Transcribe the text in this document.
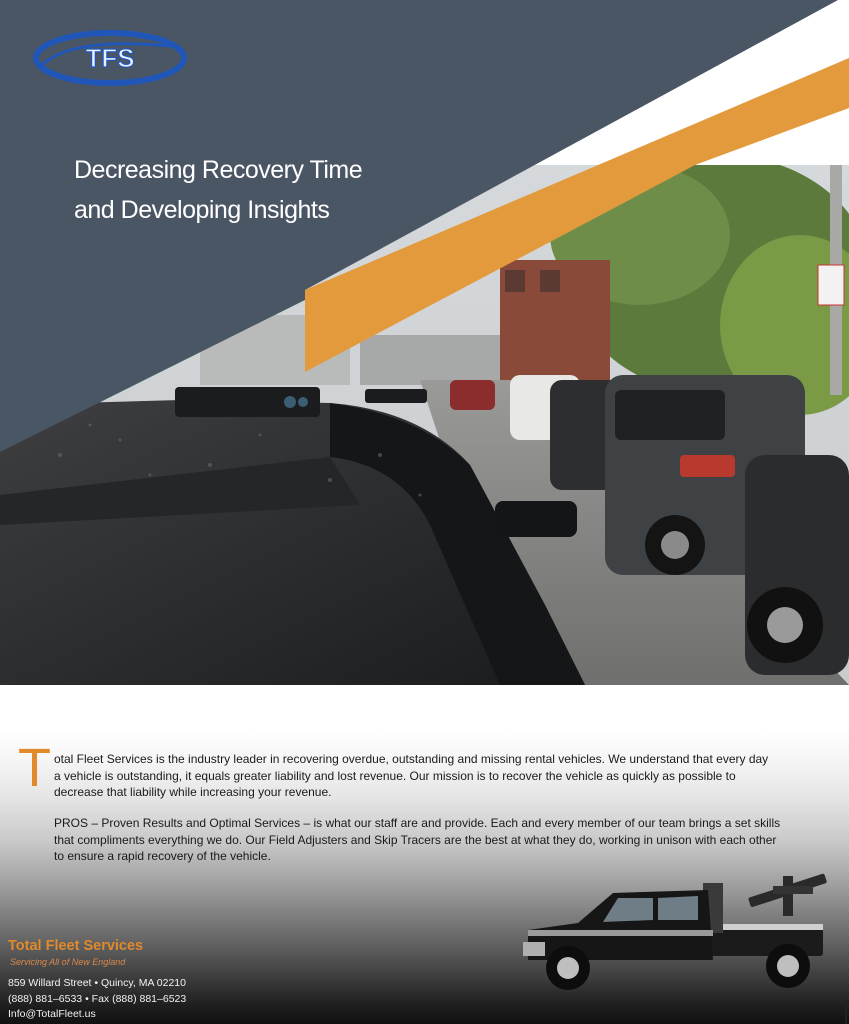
TFS
Decreasing Recovery Time
and Developing Insights
T otal Fleet Services is the industry leader in recovering overdue, outstanding and missing rental vehicles. We understand that every day
a vehicle is outstanding, it equals greater liability and lost revenue. Our mission is to recover the vehicle as quickly as possible to
decrease that liability while increasing your revenue.
PROS – Proven Results and Optimal Services – is what our staff are and provide. Each and every member of our team brings a set skills
that compliments everything we do. Our Field Adjusters and Skip Tracers are the best at what they do, working in unison with each other
to ensure a rapid recovery of the vehicle.
Total Fleet Services
Servicing All of New England
859 Willard Street • Quincy, MA 02210
(888) 881–6533 • Fax (888) 881–6523
Info@TotalFleet.us
